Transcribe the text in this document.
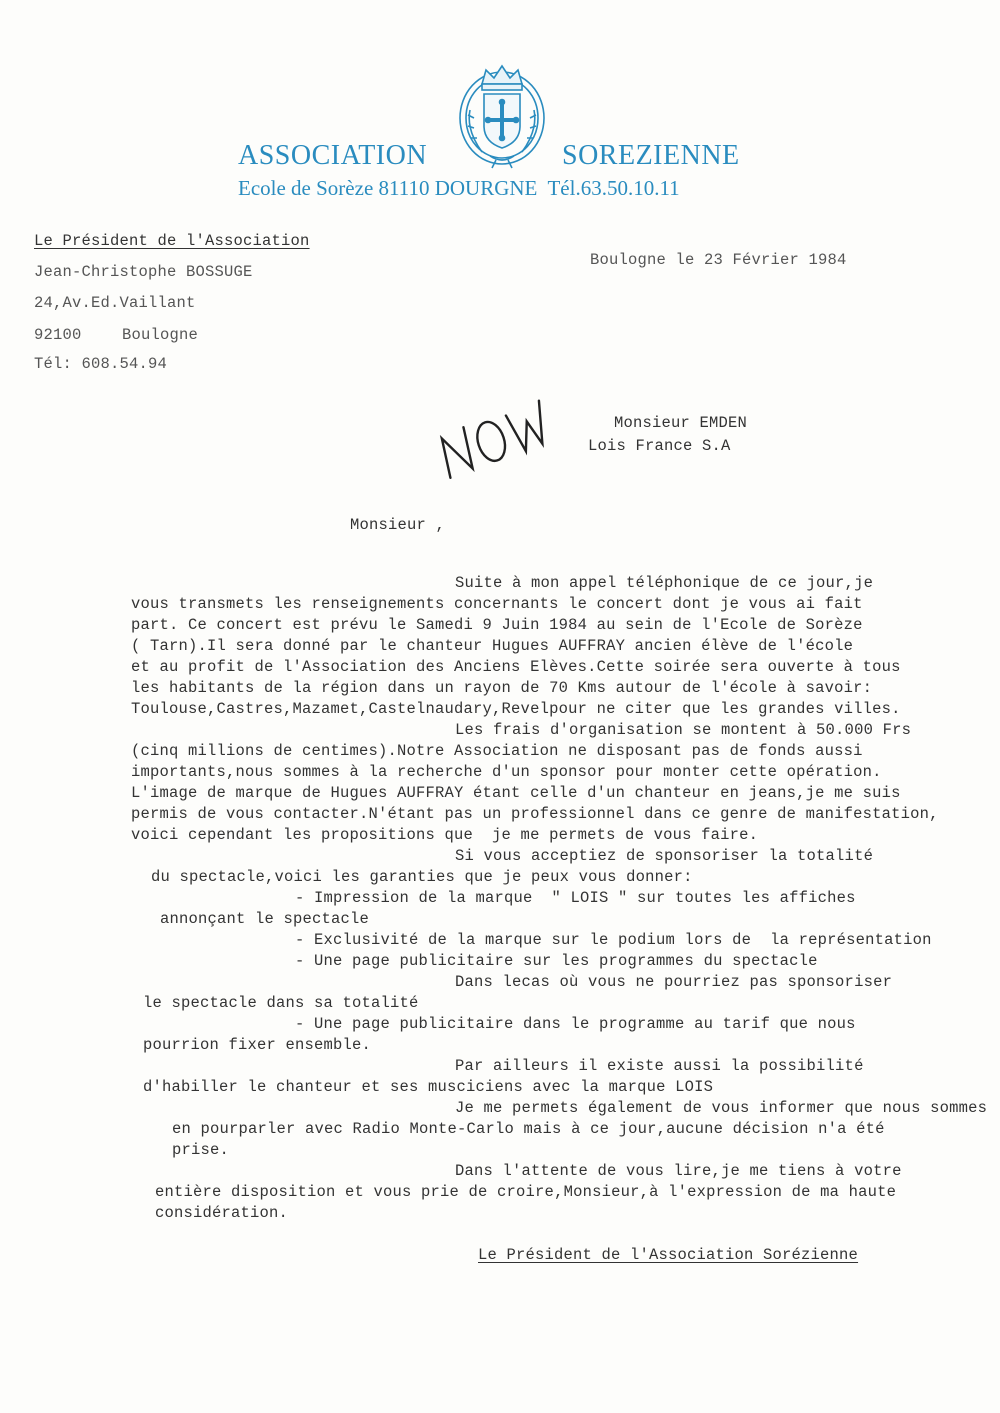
ASSOCIATION	SOREZIENNE
Ecole de Sorèze 81110 DOURGNE  Tél.63.50.10.11
Le Président de l'Association
Jean-Christophe BOSSUGE
24,Av.Ed.Vaillant
92100	Boulogne
Tél: 608.54.94
Boulogne le 23 Février 1984
NOW
Monsieur EMDEN
Lois France S.A
Monsieur ,
Suite à mon appel téléphonique de ce jour,je
vous transmets les renseignements concernants le concert dont je vous ai fait
part. Ce concert est prévu le Samedi 9 Juin 1984 au sein de l'Ecole de Sorèze
( Tarn).Il sera donné par le chanteur Hugues AUFFRAY ancien élève de l'école
et au profit de l'Association des Anciens Elèves.Cette soirée sera ouverte à tous
les habitants de la région dans un rayon de 70 Kms autour de l'école à savoir:
Toulouse,Castres,Mazamet,Castelnaudary,Revelpour ne citer que les grandes villes.
Les frais d'organisation se montent à 50.000 Frs
(cinq millions de centimes).Notre Association ne disposant pas de fonds aussi
importants,nous sommes à la recherche d'un sponsor pour monter cette opération.
L'image de marque de Hugues AUFFRAY étant celle d'un chanteur en jeans,je me suis
permis de vous contacter.N'étant pas un professionnel dans ce genre de manifestation,
voici cependant les propositions que  je me permets de vous faire.
Si vous acceptiez de sponsoriser la totalité
du spectacle,voici les garanties que je peux vous donner:
- Impression de la marque  " LOIS " sur toutes les affiches
annonçant le spectacle
- Exclusivité de la marque sur le podium lors de  la représentation
- Une page publicitaire sur les programmes du spectacle
Dans lecas où vous ne pourriez pas sponsoriser
le spectacle dans sa totalité
- Une page publicitaire dans le programme au tarif que nous
pourrion fixer ensemble.
Par ailleurs il existe aussi la possibilité
d'habiller le chanteur et ses musciciens avec la marque LOIS
Je me permets également de vous informer que nous sommes
en pourparler avec Radio Monte-Carlo mais à ce jour,aucune décision n'a été
prise.
Dans l'attente de vous lire,je me tiens à votre
entière disposition et vous prie de croire,Monsieur,à l'expression de ma haute
considération.
Le Président de l'Association Sorézienne
